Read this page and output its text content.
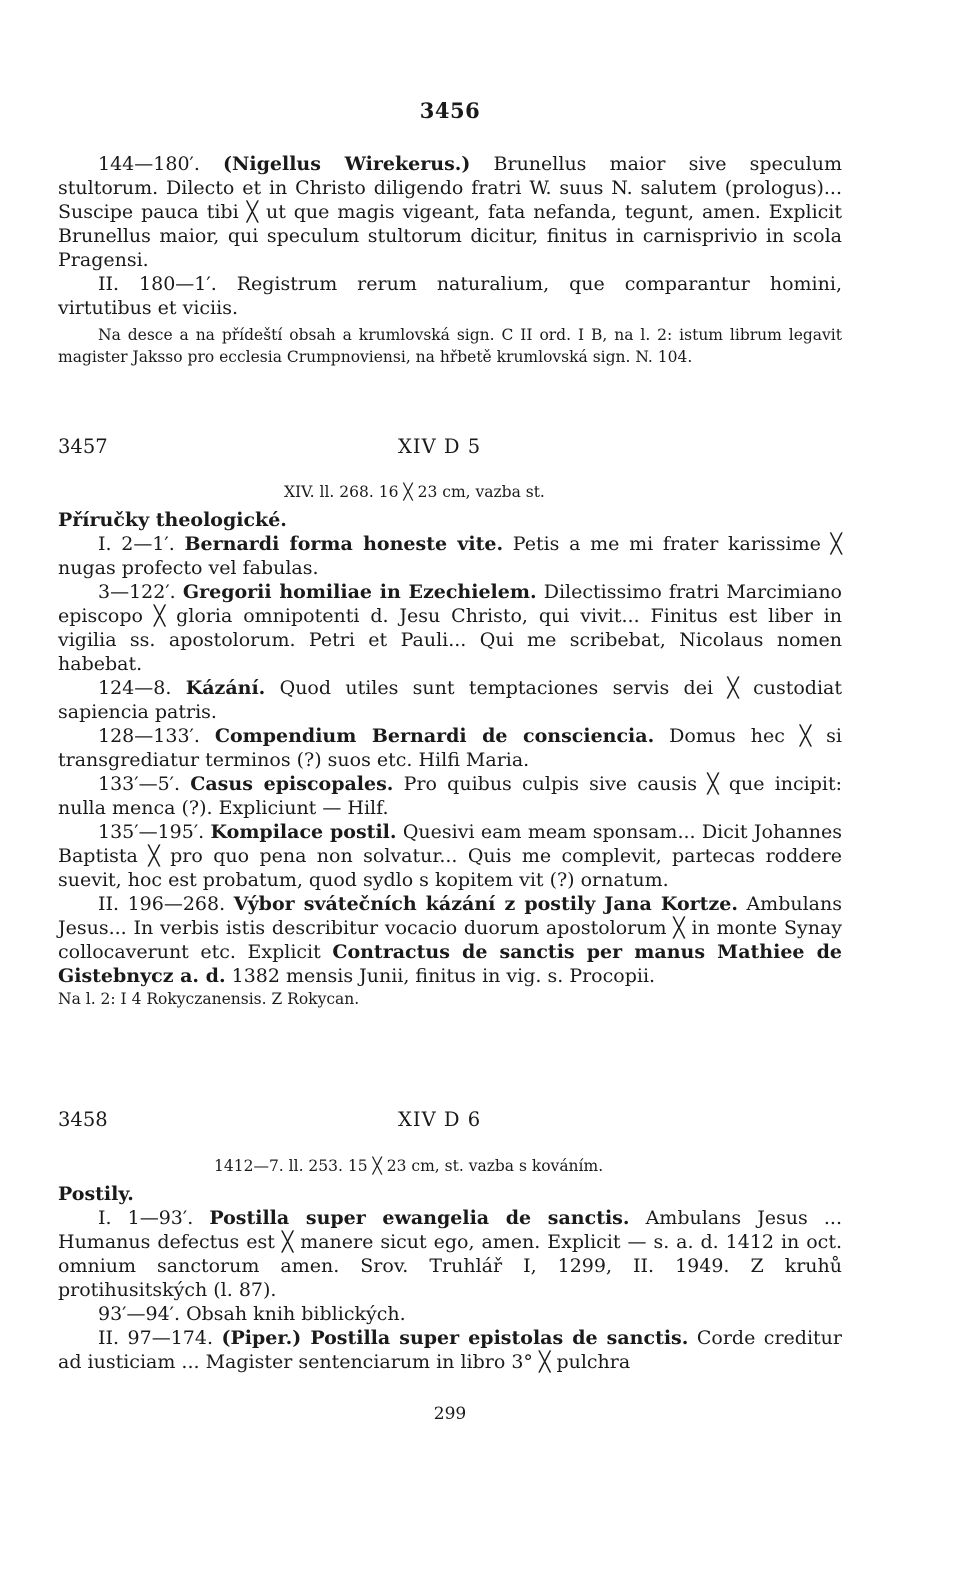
3456

144—180′. (Nigellus Wirekerus.) Brunellus maior sive speculum stultorum. Dilecto et in Christo diligendo fratri W. suus N. salutem (prologus)... Suscipe pauca tibi ╳ ut que magis vigeant, fata nefanda, tegunt, amen. Explicit Brunellus maior, qui speculum stultorum dicitur, finitus in carnisprivio in scola Pragensi.

II. 180—1′. Registrum rerum naturalium, que comparantur homini, virtutibus et viciis.

Na desce a na přídeští obsah a krumlovská sign. C II ord. I B, na l. 2: istum librum legavit magister Jaksso pro ecclesia Crumpnoviensi, na hřbetě krumlovská sign. N. 104.

3457	XIV D 5
XIV. ll. 268. 16 ╳ 23 cm, vazba st.

Příručky theologické.

I. 2—1′. Bernardi forma honeste vite. Petis a me mi frater karissime ╳ nugas profecto vel fabulas.

3—122′. Gregorii homiliae in Ezechielem. Dilectissimo fratri Marcimiano episcopo ╳ gloria omnipotenti d. Jesu Christo, qui vivit... Finitus est liber in vigilia ss. apostolorum. Petri et Pauli... Qui me scribebat, Nicolaus nomen habebat.

124—8. Kázání. Quod utiles sunt temptaciones servis dei ╳ custodiat sapiencia patris.

128—133′. Compendium Bernardi de consciencia. Domus hec ╳ si transgrediatur terminos (?) suos etc. Hilfi Maria.

133′—5′. Casus episcopales. Pro quibus culpis sive causis ╳ que incipit: nulla menca (?). Expliciunt — Hilf.

135′—195′. Kompilace postil. Quesivi eam meam sponsam... Dicit Johannes Baptista ╳ pro quo pena non solvatur... Quis me complevit, partecas roddere suevit, hoc est probatum, quod sydlo s kopitem vit (?) ornatum.

II. 196—268. Výbor svátečních kázání z postily Jana Kortze. Ambulans Jesus... In verbis istis describitur vocacio duorum apostolorum ╳ in monte Synay collocaverunt etc. Explicit Contractus de sanctis per manus Mathiee de Gistebnycz a. d. 1382 mensis Junii, finitus in vig. s. Procopii.

Na l. 2: I 4 Rokyczanensis. Z Rokycan.

3458	XIV D 6
1412—7. ll. 253. 15 ╳ 23 cm, st. vazba s kováním.

Postily.

I. 1—93′. Postilla super ewangelia de sanctis. Ambulans Jesus ... Humanus defectus est ╳ manere sicut ego, amen. Explicit — s. a. d. 1412 in oct. omnium sanctorum amen. Srov. Truhlář I, 1299, II. 1949. Z kruhů protihusitských (l. 87).

93′—94′. Obsah knih biblických.

II. 97—174. (Piper.) Postilla super epistolas de sanctis. Corde creditur ad iusticiam ... Magister sentenciarum in libro 3° ╳ pulchra

299
